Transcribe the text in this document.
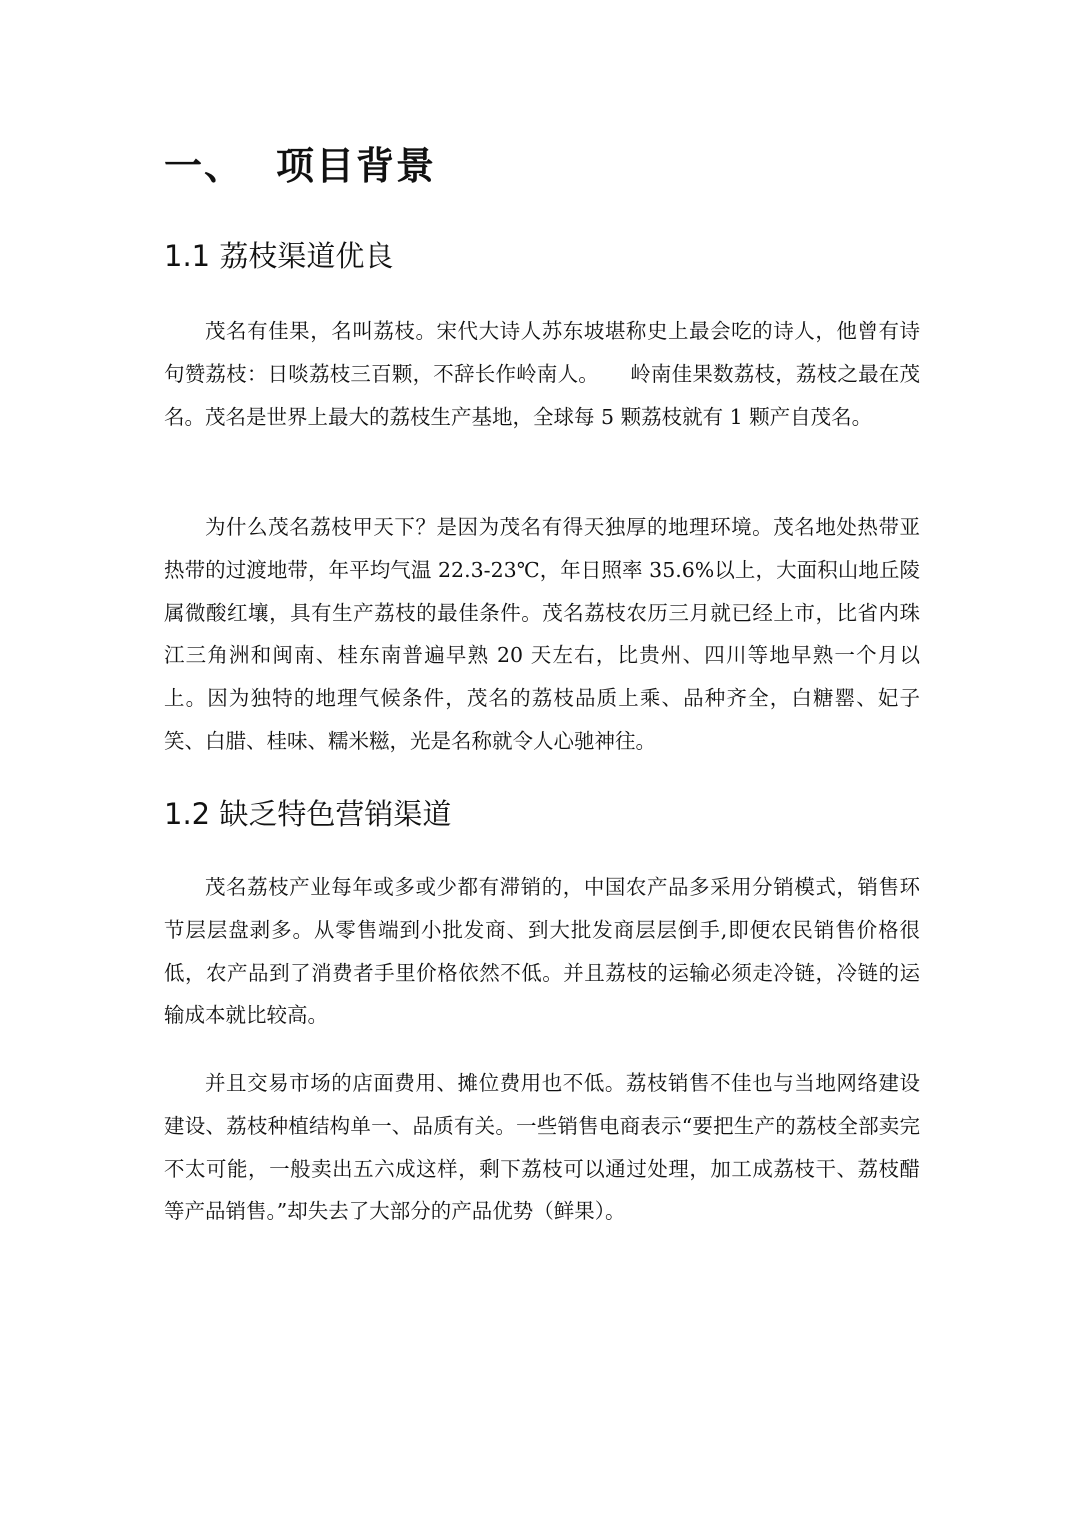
一、 项目背景
1.1 荔枝渠道优良

茂名有佳果，名叫荔枝。宋代大诗人苏东坡堪称史上最会吃的诗人，他曾有诗句赞荔枝：日啖荔枝三百颗，不辞长作岭南人。　　岭南佳果数荔枝，荔枝之最在茂名。茂名是世界上最大的荔枝生产基地，全球每 5 颗荔枝就有 1 颗产自茂名。

为什么茂名荔枝甲天下？是因为茂名有得天独厚的地理环境。茂名地处热带亚热带的过渡地带，年平均气温 22.3-23℃，年日照率 35.6%以上，大面积山地丘陵属微酸红壤，具有生产荔枝的最佳条件。茂名荔枝农历三月就已经上市，比省内珠江三角洲和闽南、桂东南普遍早熟 20 天左右，比贵州、四川等地早熟一个月以上。因为独特的地理气候条件，茂名的荔枝品质上乘、品种齐全，白糖罂、妃子笑、白腊、桂味、糯米糍，光是名称就令人心驰神往。

1.2 缺乏特色营销渠道

茂名荔枝产业每年或多或少都有滞销的，中国农产品多采用分销模式，销售环节层层盘剥多。从零售端到小批发商、到大批发商层层倒手,即便农民销售价格很低，农产品到了消费者手里价格依然不低。并且荔枝的运输必须走冷链，冷链的运输成本就比较高。

并且交易市场的店面费用、摊位费用也不低。荔枝销售不佳也与当地网络建设建设、荔枝种植结构单一、品质有关。一些销售电商表示“要把生产的荔枝全部卖完不太可能，一般卖出五六成这样，剩下荔枝可以通过处理，加工成荔枝干、荔枝醋等产品销售。”却失去了大部分的产品优势（鲜果）。
